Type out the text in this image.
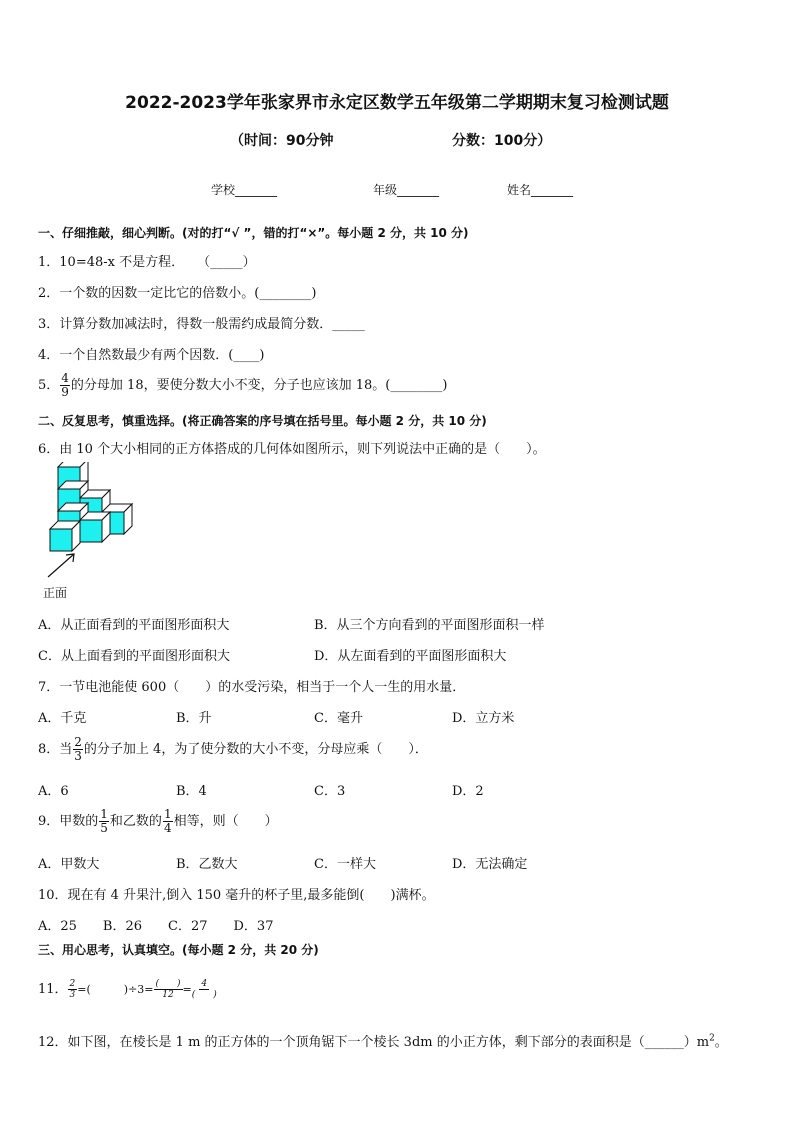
2022-2023学年张家界市永定区数学五年级第二学期期末复习检测试题
（时间：90分钟	分数：100分）
学校_______	年级_______	姓名_______
一、仔细推敲，细心判断。(对的打“√ ”，错的打“×”。每小题 2 分，共 10 分)
1．10=48-x 不是方程．　　（_____）
2．一个数的因数一定比它的倍数小。(________)
3．计算分数加减法时，得数一般需约成最简分数．_____
4．一个自然数最少有两个因数．(____)
5． $\frac{4}{9}$ 的分母加 18，要使分数大小不变，分子也应该加 18。(________)
二、反复思考，慎重选择。(将正确答案的序号填在括号里。每小题 2 分，共 10 分)
6．由 10 个大小相同的正方体搭成的几何体如图所示，则下列说法中正确的是（　　）。
正面
A．从正面看到的平面图形面积大	B．从三个方向看到的平面图形面积一样
C．从上面看到的平面图形面积大	D．从左面看到的平面图形面积大
7．一节电池能使 600（　　）的水受污染，相当于一个人一生的用水量．
A．千克	B．升	C．毫升	D．立方米
8．当 $\frac{2}{3}$ 的分子加上 4，为了使分数的大小不变，分母应乘（　　）．
A．6	B．4	C．3	D．2
9．甲数的 $\frac{1}{5}$ 和乙数的 $\frac{1}{4}$ 相等，则（　　）
A．甲数大	B．乙数大	C．一样大	D．无法确定
10．现在有 4 升果汁,倒入 150 毫升的杯子里,最多能倒(　　)满杯。
A．25　　B．26　　C．27　　D．37
三、用心思考，认真填空。(每小题 2 分，共 20 分)
11． $\frac{2}{3}$ =(　　　)$\div 3= \frac{( )}{12} = \frac{4}{( )}$
12．如下图，在棱长是 1 m 的正方体的一个顶角锯下一个棱长 3dm 的小正方体，剩下部分的表面积是$(\_\_\_\_\_\_)m^2$。
